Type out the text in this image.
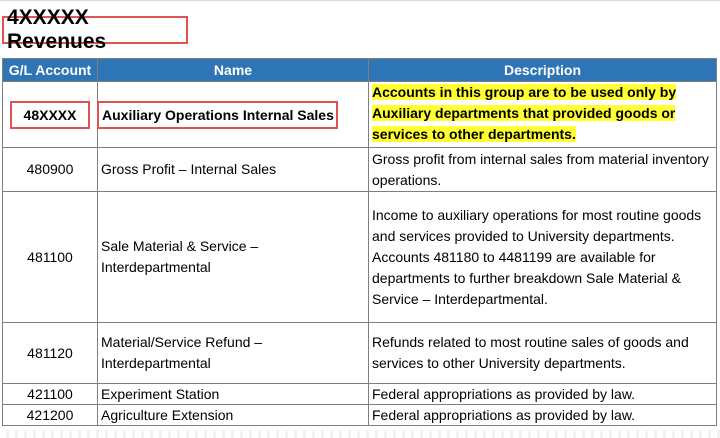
4XXXXX Revenues
G/L Account	Name	Description
48XXXX	Auxiliary Operations Internal Sales	Accounts in this group are to be used only by Auxiliary departments that provided goods or services to other departments.
480900	Gross Profit – Internal Sales	Gross profit from internal sales from material inventory operations.
481100	Sale Material & Service – Interdepartmental	Income to auxiliary operations for most routine goods and services provided to University departments. Accounts 481180 to 4481199 are available for departments to further breakdown Sale Material & Service – Interdepartmental.
481120	Material/Service Refund – Interdepartmental	Refunds related to most routine sales of goods and services to other University departments.
421100	Experiment Station	Federal appropriations as provided by law.
421200	Agriculture Extension	Federal appropriations as provided by law.
